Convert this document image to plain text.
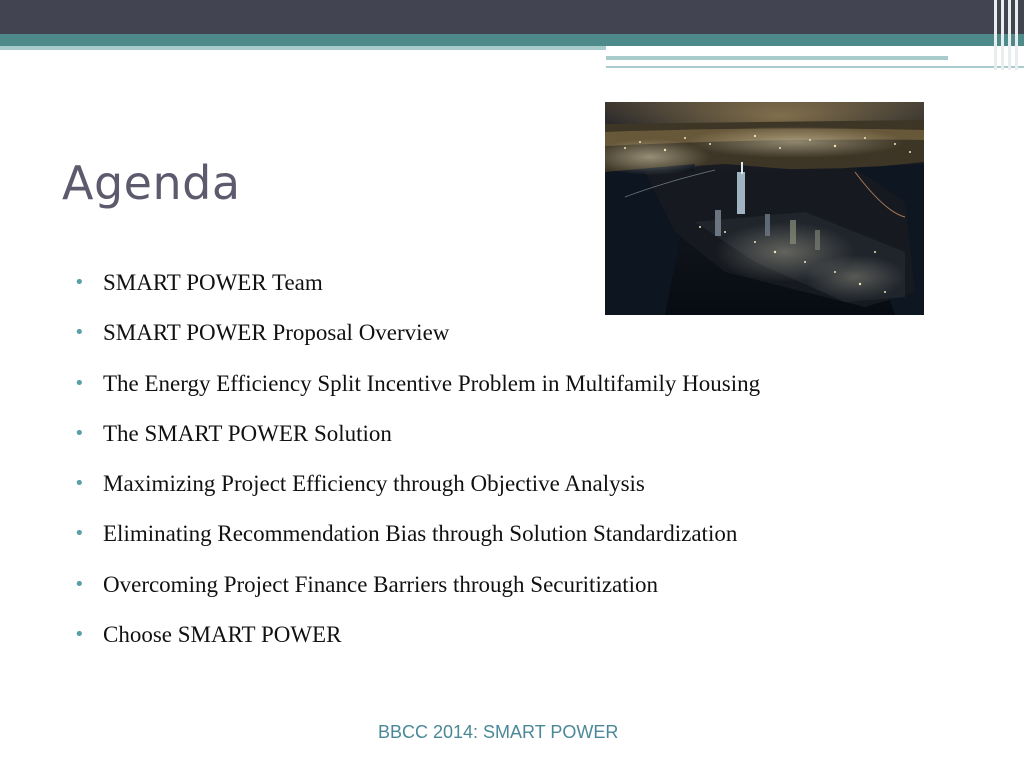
Agenda
• SMART POWER Team
• SMART POWER Proposal Overview
• The Energy Efficiency Split Incentive Problem in Multifamily Housing
• The SMART POWER Solution
• Maximizing Project Efficiency through Objective Analysis
• Eliminating Recommendation Bias through Solution Standardization
• Overcoming Project Finance Barriers through Securitization
• Choose SMART POWER
BBCC 2014: SMART POWER
